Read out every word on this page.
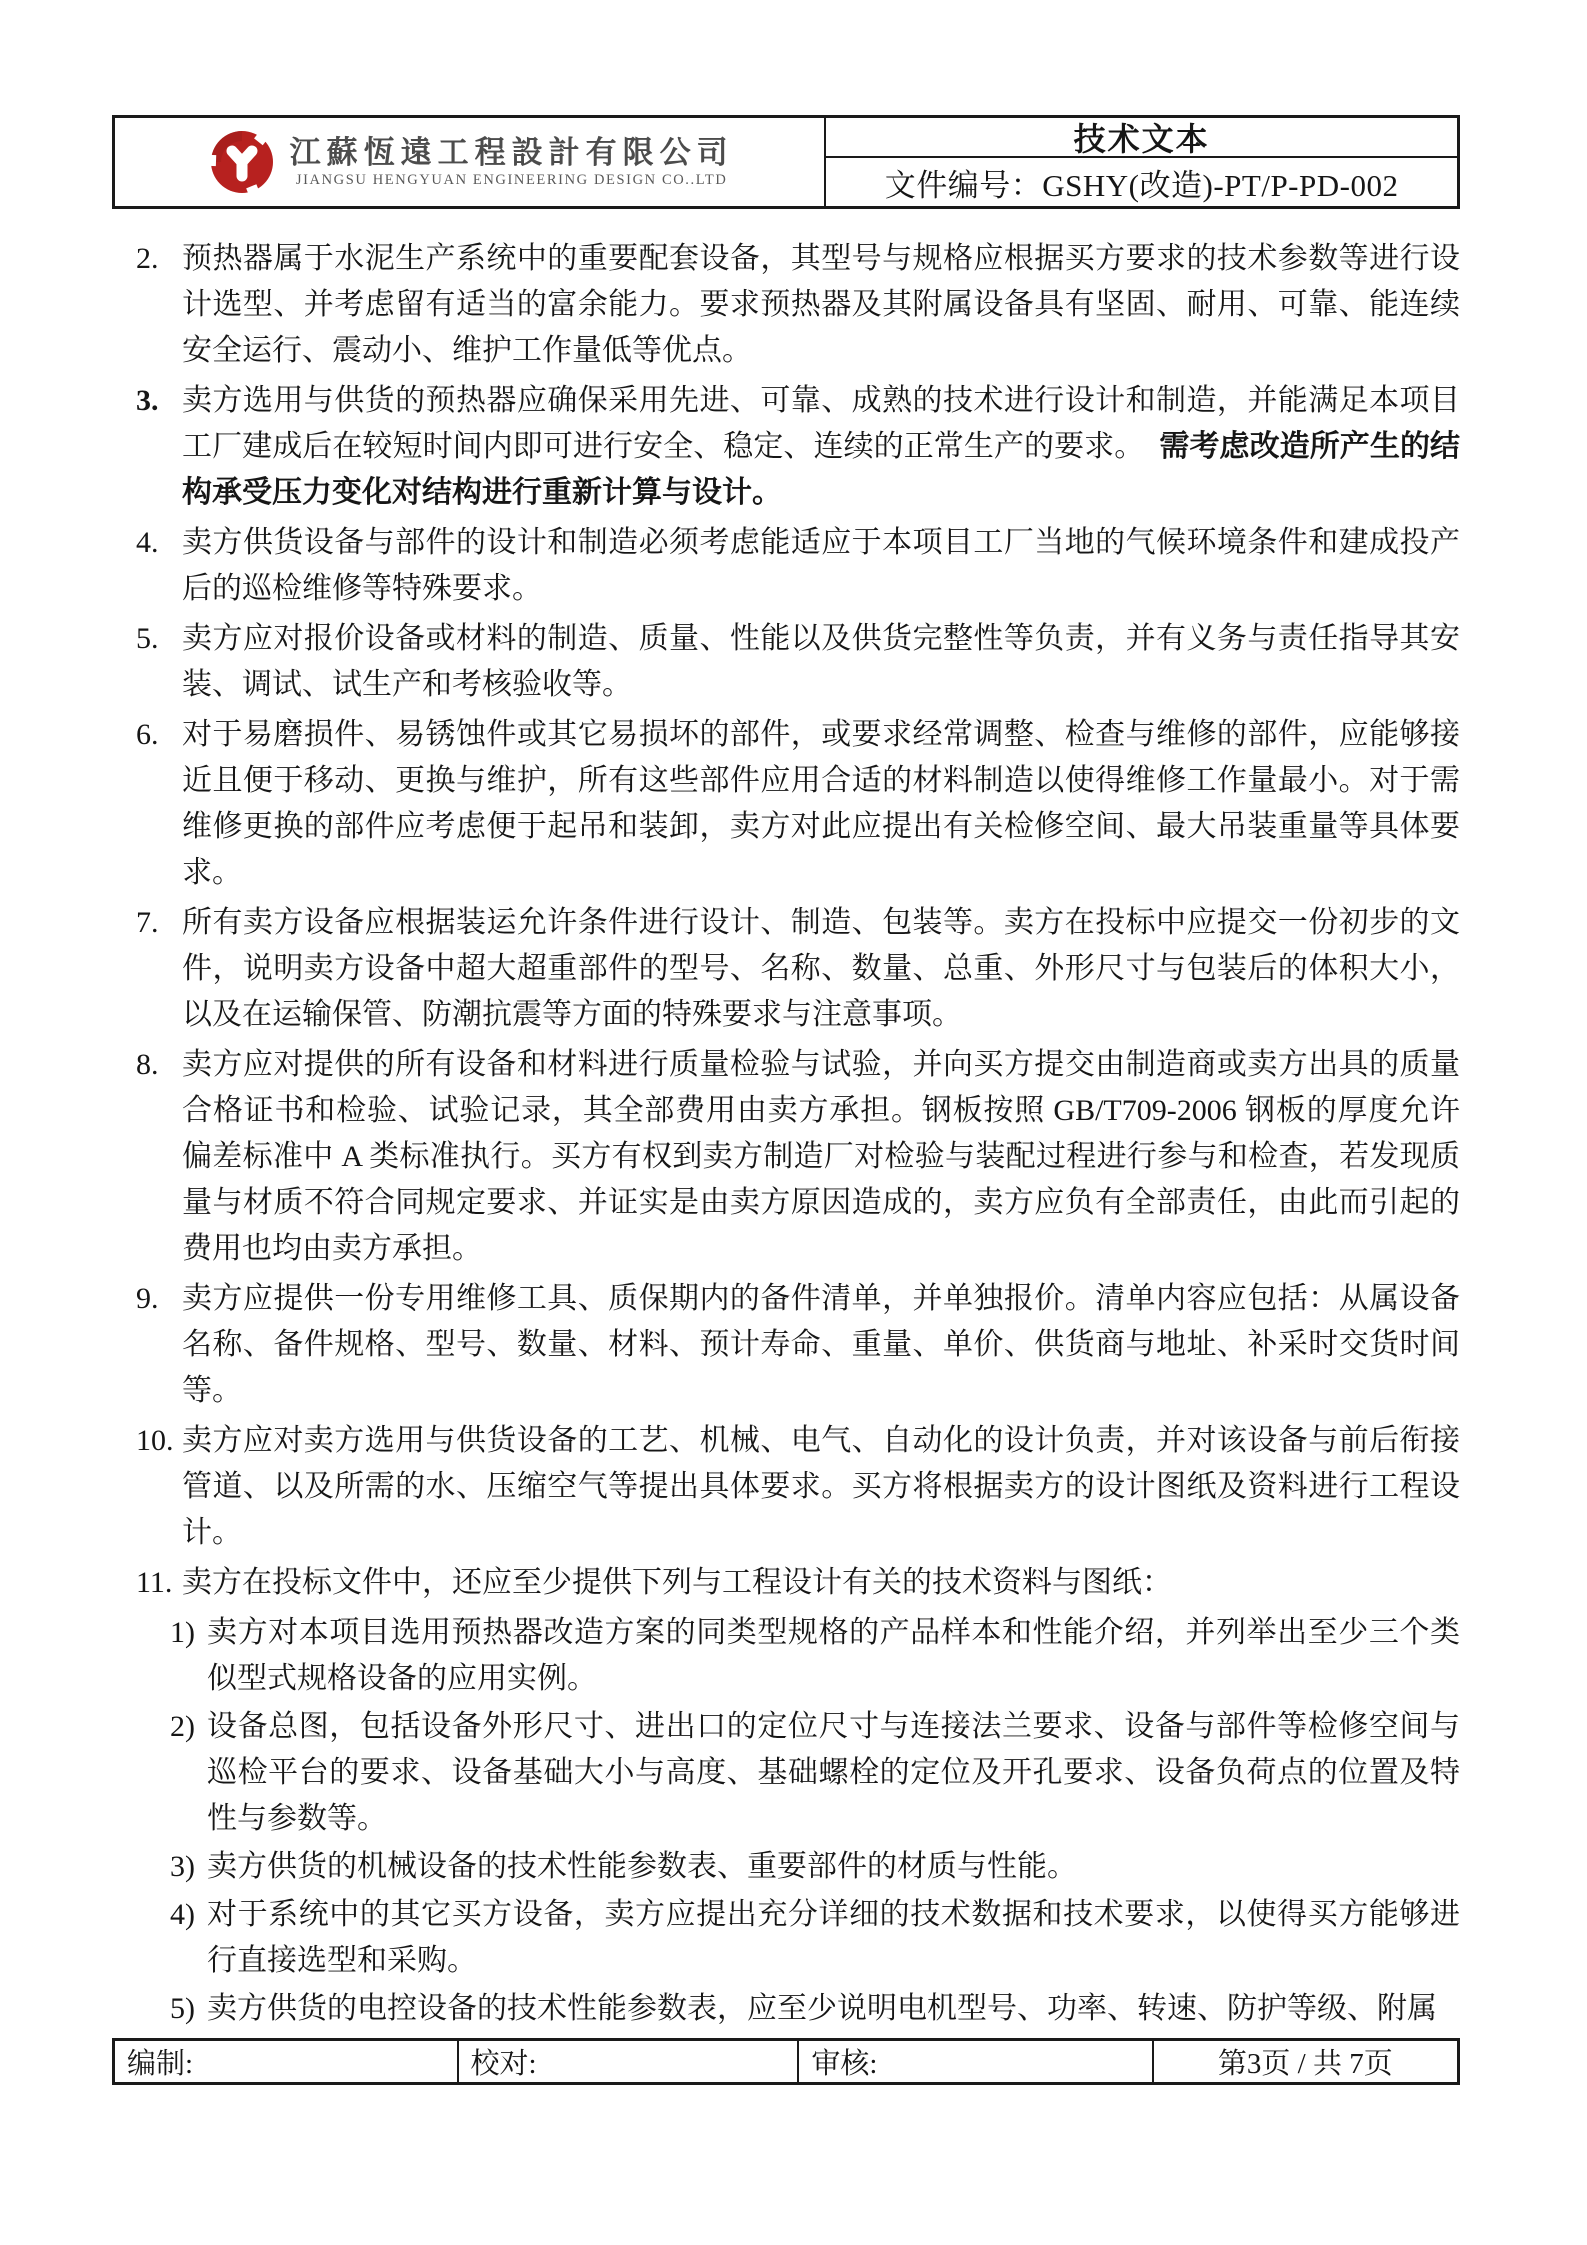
江蘇恆遠工程設計有限公司
JIANGSU HENGYUAN ENGINEERING DESIGN CO..LTD
技术文本
文件编号： GSHY(改造)-PT/P-PD-002
2. 预热器属于水泥生产系统中的重要配套设备，其型号与规格应根据买方要求的技术参数等进行设计选型、并考虑留有适当的富余能力。要求预热器及其附属设备具有坚固、耐用、可靠、能连续安全运行、震动小、维护工作量低等优点。
3. 卖方选用与供货的预热器应确保采用先进、可靠、成熟的技术进行设计和制造，并能满足本项目工厂建成后在较短时间内即可进行安全、稳定、连续的正常生产的要求。　需考虑改造所产生的结构承受压力变化对结构进行重新计算与设计。
4. 卖方供货设备与部件的设计和制造必须考虑能适应于本项目工厂当地的气候环境条件和建成投产后的巡检维修等特殊要求。
5. 卖方应对报价设备或材料的制造、质量、性能以及供货完整性等负责，并有义务与责任指导其安装、调试、试生产和考核验收等。
6. 对于易磨损件、易锈蚀件或其它易损坏的部件，或要求经常调整、检查与维修的部件，应能够接近且便于移动、更换与维护，所有这些部件应用合适的材料制造以使得维修工作量最小。对于需维修更换的部件应考虑便于起吊和装卸，卖方对此应提出有关检修空间、最大吊装重量等具体要求。
7. 所有卖方设备应根据装运允许条件进行设计、制造、包装等。卖方在投标中应提交一份初步的文件，说明卖方设备中超大超重部件的型号、名称、数量、总重、外形尺寸与包装后的体积大小，以及在运输保管、防潮抗震等方面的特殊要求与注意事项。
8. 卖方应对提供的所有设备和材料进行质量检验与试验，并向买方提交由制造商或卖方出具的质量合格证书和检验、试验记录，其全部费用由卖方承担。钢板按照 GB/T709-2006 钢板的厚度允许偏差标准中 A 类标准执行。买方有权到卖方制造厂对检验与装配过程进行参与和检查，若发现质量与材质不符合同规定要求、并证实是由卖方原因造成的，卖方应负有全部责任，由此而引起的费用也均由卖方承担。
9. 卖方应提供一份专用维修工具、质保期内的备件清单，并单独报价。清单内容应包括：从属设备名称、备件规格、型号、数量、材料、预计寿命、重量、单价、供货商与地址、补采时交货时间等。
10. 卖方应对卖方选用与供货设备的工艺、机械、电气、自动化的设计负责，并对该设备与前后衔接管道、以及所需的水、压缩空气等提出具体要求。买方将根据卖方的设计图纸及资料进行工程设计。
11. 卖方在投标文件中，还应至少提供下列与工程设计有关的技术资料与图纸：
1) 卖方对本项目选用预热器改造方案的同类型规格的产品样本和性能介绍，并列举出至少三个类似型式规格设备的应用实例。
2) 设备总图，包括设备外形尺寸、进出口的定位尺寸与连接法兰要求、设备与部件等检修空间与巡检平台的要求、设备基础大小与高度、基础螺栓的定位及开孔要求、设备负荷点的位置及特性与参数等。
3) 卖方供货的机械设备的技术性能参数表、重要部件的材质与性能。
4) 对于系统中的其它买方设备，卖方应提出充分详细的技术数据和技术要求，以使得买方能够进行直接选型和采购。
5) 卖方供货的电控设备的技术性能参数表，应至少说明电机型号、功率、转速、防护等级、附属
编制:	校对:	审核:	第3页 / 共 7页
